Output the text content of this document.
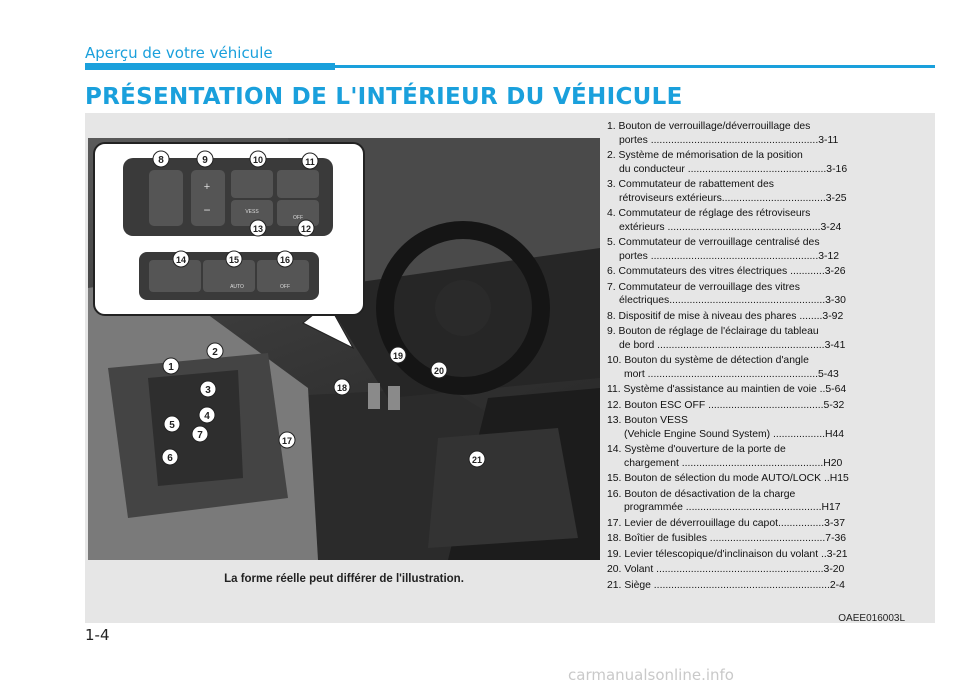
Aperçu de votre véhicule
PRÉSENTATION DE L'INTÉRIEUR DU VÉHICULE
1
2
3
4
5
7
6
17
18
19
20
21
+
−	VESS
OFF
AUTO	OFF
8	9	10	11
13	12
14	15	16
La forme réelle peut différer de l'illustration.
1. Bouton de verrouillage/déverrouillage des
portes ..........................................................3-11
2. Système de mémorisation de la position
du conducteur ................................................3-16
3. Commutateur de rabattement des
rétroviseurs extérieurs....................................3-25
4. Commutateur de réglage des rétroviseurs
extérieurs .....................................................3-24
5. Commutateur de verrouillage centralisé des
portes ..........................................................3-12
6. Commutateurs des vitres électriques ............3-26
7. Commutateur de verrouillage des vitres
électriques......................................................3-30
8. Dispositif de mise à niveau des phares ........3-92
9. Bouton de réglage de l'éclairage du tableau
de bord ..........................................................3-41
10. Bouton du système de détection d'angle
mort ...........................................................5-43
11. Système d'assistance au maintien de voie ..5-64
12. Bouton ESC OFF ........................................5-32
13. Bouton VESS
(Vehicle Engine Sound System) ..................H44
14. Système d'ouverture de la porte de
chargement .................................................H20
15. Bouton de sélection du mode AUTO/LOCK ..H15
16. Bouton de désactivation de la charge
programmée ...............................................H17
17. Levier de déverrouillage du capot................3-37
18. Boîtier de fusibles ........................................7-36
19. Levier télescopique/d'inclinaison du volant ..3-21
20. Volant ..........................................................3-20
21. Siège .............................................................2-4
OAEE016003L
1-4
carmanualsonline.info
